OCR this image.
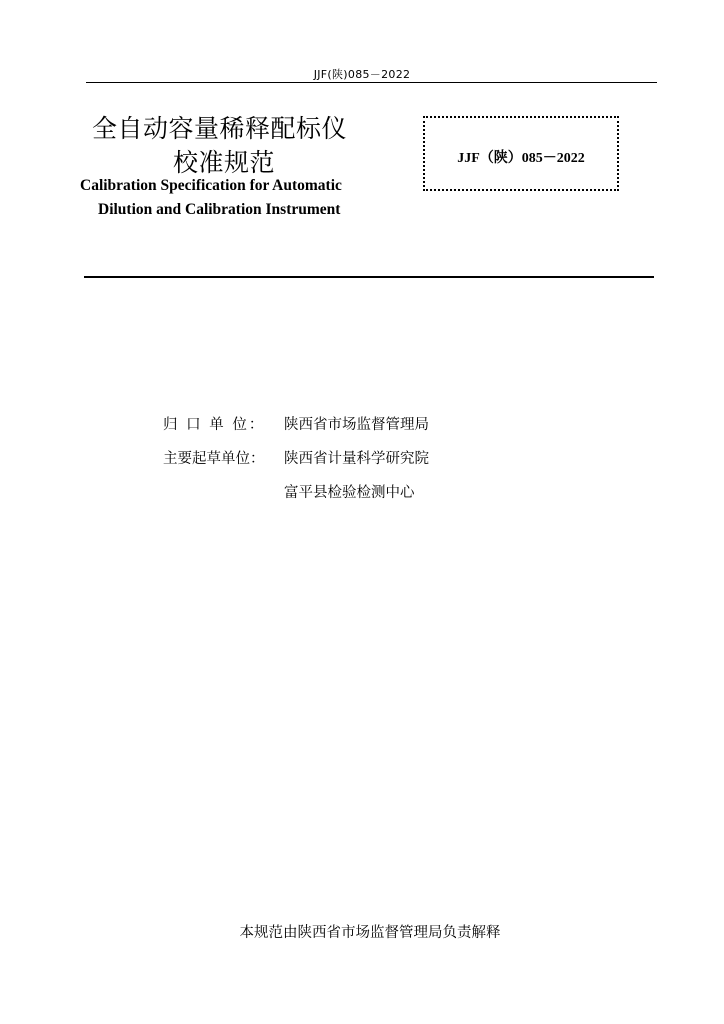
JJF(陕)085－2022
全自动容量稀释配标仪
校准规范
Calibration Specification for Automatic
Dilution and Calibration Instrument
JJF（陕）085－2022
归 口 单 位： 陕西省市场监督管理局
主要起草单位： 陕西省计量科学研究院
富平县检验检测中心
本规范由陕西省市场监督管理局负责解释
